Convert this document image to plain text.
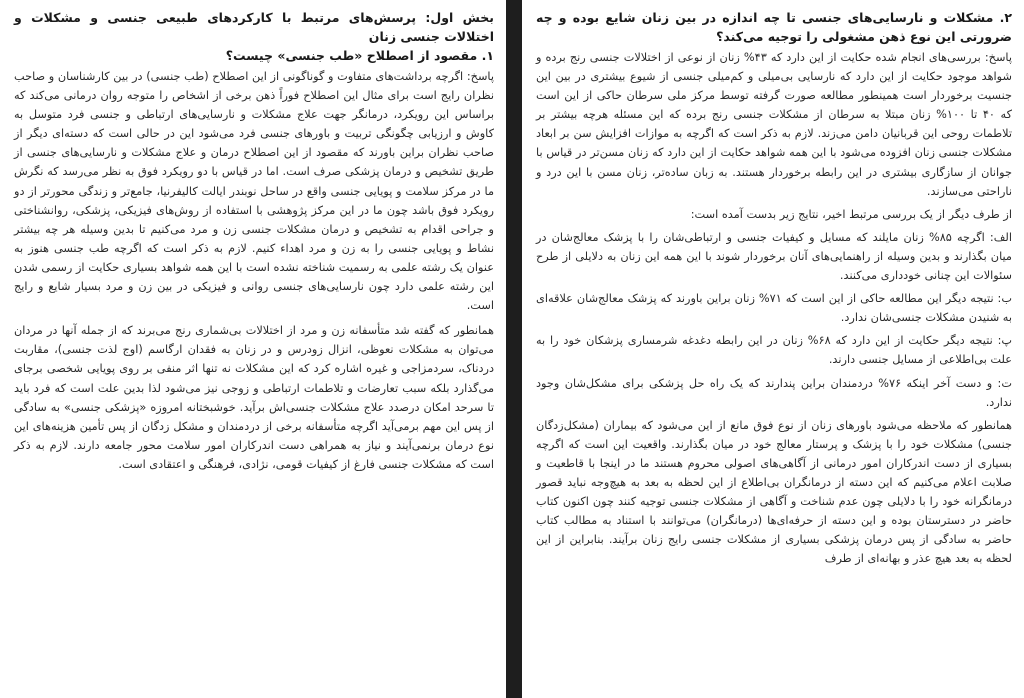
بخش اول: پرسش‌های مرتبط با کارکردهای طبیعی جنسی و مشکلات و اختلالات جنسی زنان

۱. مقصود از اصطلاح «طب جنسی» چیست؟

پاسخ: اگرچه برداشت‌های متفاوت و گوناگونی از این اصطلاح (طب جنسی) در بین کارشناسان و صاحب نظران رایج است برای مثال این اصطلاح فوراً ذهن برخی از اشخاص را متوجه روان درمانی می‌کند که براساس این رویکرد، درمانگر جهت علاج مشکلات و نارسایی‌های ارتباطی و جنسی فرد متوسل به کاوش و ارزیابی چگونگی تربیت و باورهای جنسی فرد می‌شود این در حالی است که دسته‌ای دیگر از صاحب نظران براین باورند که مقصود از این اصطلاح درمان و علاج مشکلات و نارسایی‌های جنسی از طریق تشخیص و درمان پزشکی صرف است. اما در قیاس با دو رویکرد فوق به نظر می‌رسد که نگرش ما در مرکز سلامت و پویایی جنسی واقع در ساحل نوبندر ایالت کالیفرنیا، جامع‌تر و زندگی محورتر از دو رویکرد فوق باشد چون ما در این مرکز پژوهشی با استفاده از روش‌های فیزیکی، پزشکی، روانشناختی و جراحی اقدام به تشخیص و درمان مشکلات جنسی زن و مرد می‌کنیم تا بدین وسیله هر چه بیشتر نشاط و پویایی جنسی را به زن و مرد اهداء کنیم. لازم به ذکر است که اگرچه طب جنسی هنوز به عنوان یک رشته علمی به رسمیت شناخته نشده است با این همه شواهد بسیاری حکایت از رسمی شدن این رشته علمی دارد چون نارسایی‌های جنسی روانی و فیزیکی در بین زن و مرد بسیار شایع و رایج است.

همانطور که گفته شد متأسفانه زن و مرد از اختلالات بی‌شماری رنج می‌برند که از جمله آنها در مردان می‌توان به مشکلات نعوظی، انزال زودرس و در زنان به فقدان ارگاسم (اوج لذت جنسی)، مقاربت دردناک، سردمزاجی و غیره اشاره کرد که این مشکلات نه تنها اثر منفی بر روی پویایی شخصی برجای می‌گذارد بلکه سبب تعارضات و تلاطمات ارتباطی و زوجی نیز می‌شود لذا بدین علت است که فرد باید تا سرحد امکان درصدد علاج مشکلات جنسی‌اش برآید. خوشبختانه امروزه «پزشکی جنسی» به سادگی از پس این مهم برمی‌آید اگرچه متأسفانه برخی از دردمندان و مشکل زدگان از پس تأمین هزینه‌های این نوع درمان برنمی‌آیند و نیاز به همراهی دست اندرکاران امور سلامت محور جامعه دارند. لازم به ذکر است که مشکلات جنسی فارغ از کیفیات قومی، نژادی، فرهنگی و اعتقادی است.

۲. مشکلات و نارسایی‌های جنسی تا چه اندازه در بین زنان شایع بوده و چه ضرورتی این نوع ذهن مشغولی را توجیه می‌کند؟

پاسخ: بررسی‌های انجام شده حکایت از این دارد که ۴۳% زنان از نوعی از اختلالات جنسی رنج برده و شواهد موجود حکایت از این دارد که نارسایی بی‌میلی و کم‌میلی جنسی از شیوع بیشتری در بین این جنسیت برخوردار است همینطور مطالعه صورت گرفته توسط مرکز ملی سرطان حاکی از این است که ۴۰ تا ۱۰۰% زنان مبتلا به سرطان از مشکلات جنسی رنج برده که این مسئله هرچه بیشتر بر تلاطمات روحی این قربانیان دامن می‌زند. لازم به ذکر است که اگرچه به موازات افزایش سن بر ابعاد مشکلات جنسی زنان افزوده می‌شود با این همه شواهد حکایت از این دارد که زنان مسن‌تر در قیاس با جوانان از سازگاری بیشتری در این رابطه برخوردار هستند. به زبان ساده‌تر، زنان مسن با این درد و ناراحتی می‌سازند.

از طرف دیگر از یک بررسی مرتبط اخیر، نتایج زیر بدست آمده است:

الف: اگرچه ۸۵% زنان مایلند که مسایل و کیفیات جنسی و ارتباطی‌شان را با پزشک معالج‌شان در میان بگذارند و بدین وسیله از راهنمایی‌های آنان برخوردار شوند با این همه این زنان به دلایلی از طرح سئوالات این چنانی خودداری می‌کنند.

ب: نتیجه دیگر این مطالعه حاکی از این است که ۷۱% زنان براین باورند که پزشک معالج‌شان علاقه‌ای به شنیدن مشکلات جنسی‌شان ندارد.

پ: نتیجه دیگر حکایت از این دارد که ۶۸% زنان در این رابطه دغدغه شرمساری پزشکان خود را به علت بی‌اطلاعی از مسایل جنسی دارند.

ت: و دست آخر اینکه ۷۶% دردمندان براین پندارند که یک راه حل پزشکی برای مشکل‌شان وجود ندارد.

همانطور که ملاحظه می‌شود باورهای زنان از نوع فوق مانع از این می‌شود که بیماران (مشکل‌زدگان جنسی) مشکلات خود را با پزشک و پرستار معالج خود در میان بگذارند. واقعیت این است که اگرچه بسیاری از دست اندرکاران امور درمانی از آگاهی‌های اصولی محروم هستند ما در اینجا با قاطعیت و صلابت اعلام می‌کنیم که این دسته از درمانگران بی‌اطلاع از این لحظه به بعد به هیچ‌وجه نباید قصور درمانگرانه خود را با دلایلی چون عدم شناخت و آگاهی از مشکلات جنسی توجیه کنند چون اکنون کتاب حاضر در دسترستان بوده و این دسته از حرفه‌ای‌ها (درمانگران) می‌توانند با استناد به مطالب کتاب حاضر به سادگی از پس درمان پزشکی بسیاری از مشکلات جنسی رایج زنان برآیند. بنابراین از این لحظه به بعد هیچ عذر و بهانه‌ای از طرف
